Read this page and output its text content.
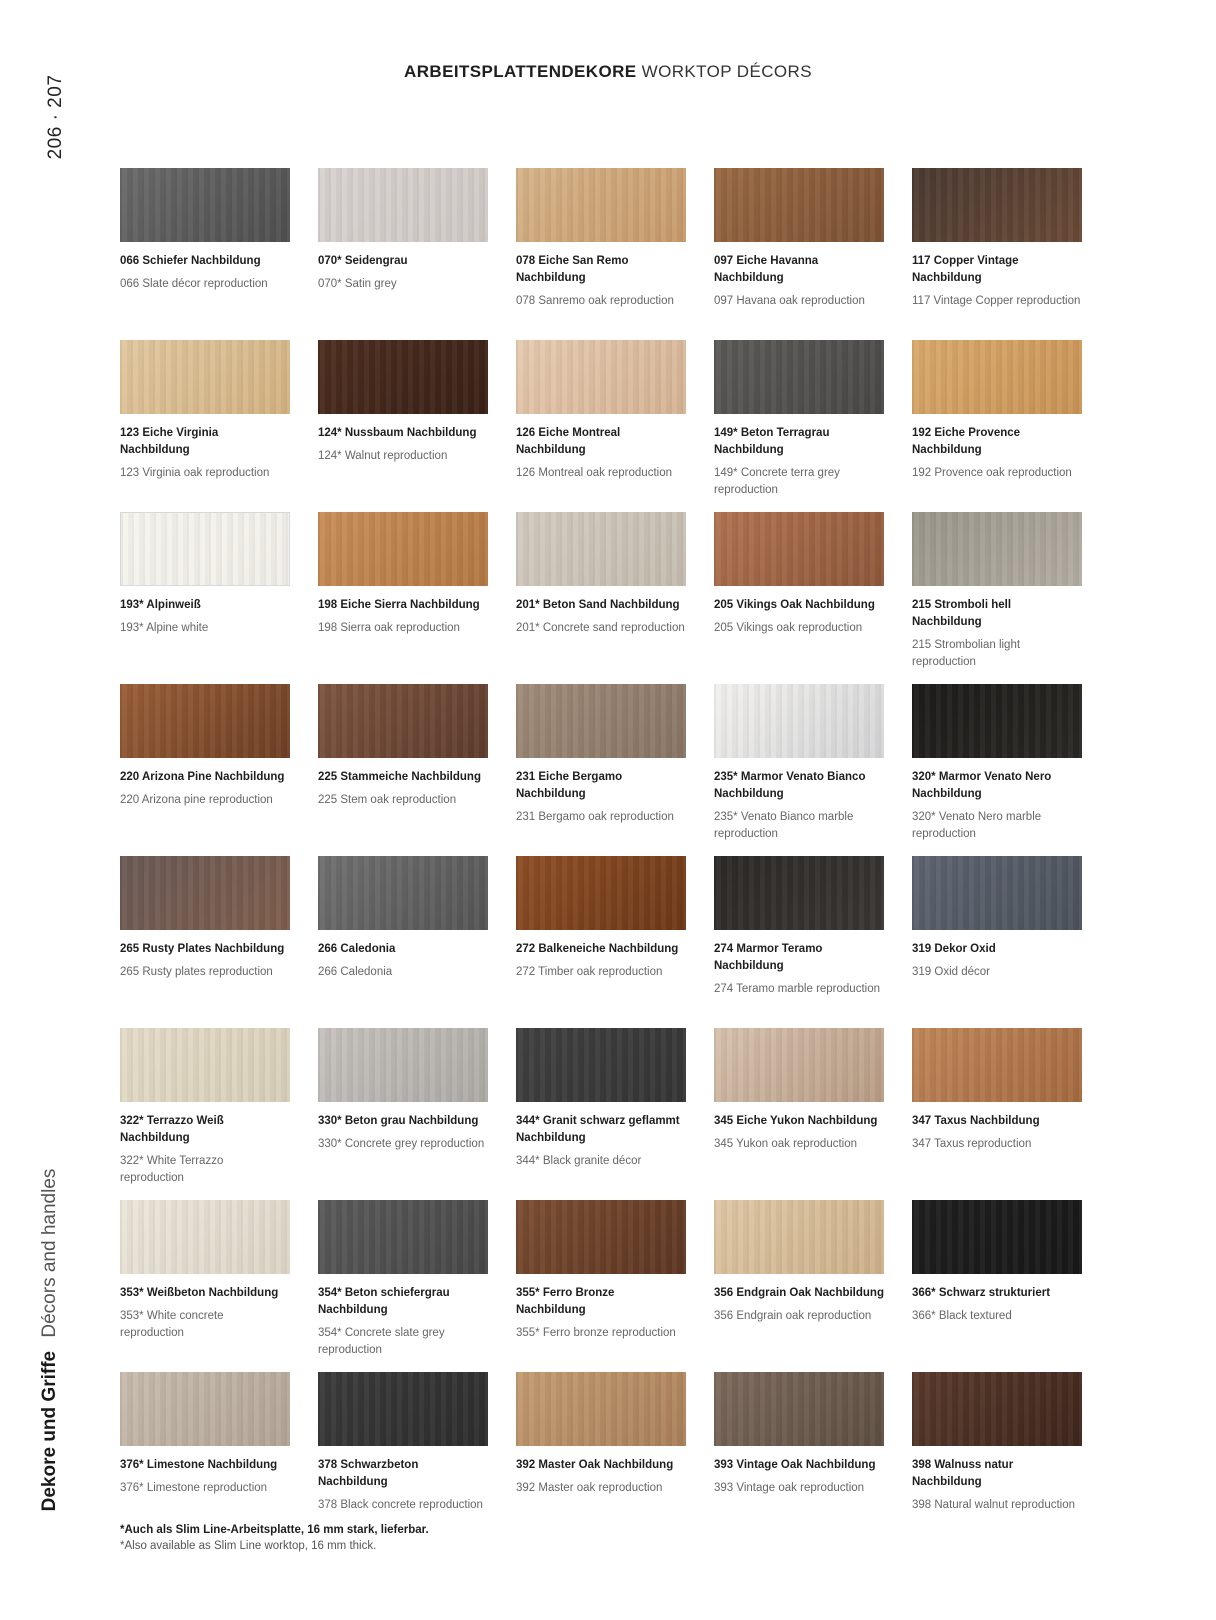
ARBEITSPLATTENDEKORE WORKTOP DÉCORS
206 · 207
Dekore und Griffe Décors and handles
066 Schiefer Nachbildung
066 Slate décor reproduction
070* Seidengrau
070* Satin grey
078 Eiche San Remo Nachbildung
078 Sanremo oak reproduction
097 Eiche Havanna Nachbildung
097 Havana oak reproduction
117 Copper Vintage Nachbildung
117 Vintage Copper reproduction
123 Eiche Virginia Nachbildung
123 Virginia oak reproduction
124* Nussbaum Nachbildung
124* Walnut reproduction
126 Eiche Montreal Nachbildung
126 Montreal oak reproduction
149* Beton Terragrau Nachbildung
149* Concrete terra grey reproduction
192 Eiche Provence Nachbildung
192 Provence oak reproduction
193* Alpinweiß
193* Alpine white
198 Eiche Sierra Nachbildung
198 Sierra oak reproduction
201* Beton Sand Nachbildung
201* Concrete sand reproduction
205 Vikings Oak Nachbildung
205 Vikings oak reproduction
215 Stromboli hell Nachbildung
215 Strombolian light reproduction
220 Arizona Pine Nachbildung
220 Arizona pine reproduction
225 Stammeiche Nachbildung
225 Stem oak reproduction
231 Eiche Bergamo Nachbildung
231 Bergamo oak reproduction
235* Marmor Venato Bianco Nachbildung
235* Venato Bianco marble reproduction
320* Marmor Venato Nero Nachbildung
320* Venato Nero marble reproduction
265 Rusty Plates Nachbildung
265 Rusty plates reproduction
266 Caledonia
266 Caledonia
272 Balkeneiche Nachbildung
272 Timber oak reproduction
274 Marmor Teramo Nachbildung
274 Teramo marble reproduction
319 Dekor Oxid
319 Oxid décor
322* Terrazzo Weiß Nachbildung
322* White Terrazzo reproduction
330* Beton grau Nachbildung
330* Concrete grey reproduction
344* Granit schwarz geflammt Nachbildung
344* Black granite décor
345 Eiche Yukon Nachbildung
345 Yukon oak reproduction
347 Taxus Nachbildung
347 Taxus reproduction
353* Weißbeton Nachbildung
353* White concrete reproduction
354* Beton schiefergrau Nachbildung
354* Concrete slate grey reproduction
355* Ferro Bronze Nachbildung
355* Ferro bronze reproduction
356 Endgrain Oak Nachbildung
356 Endgrain oak reproduction
366* Schwarz strukturiert
366* Black textured
376* Limestone Nachbildung
376* Limestone reproduction
378 Schwarzbeton Nachbildung
378 Black concrete reproduction
392 Master Oak Nachbildung
392 Master oak reproduction
393 Vintage Oak Nachbildung
393 Vintage oak reproduction
398 Walnuss natur Nachbildung
398 Natural walnut reproduction
*Auch als Slim Line-Arbeitsplatte, 16 mm stark, lieferbar.
*Also available as Slim Line worktop, 16 mm thick.
